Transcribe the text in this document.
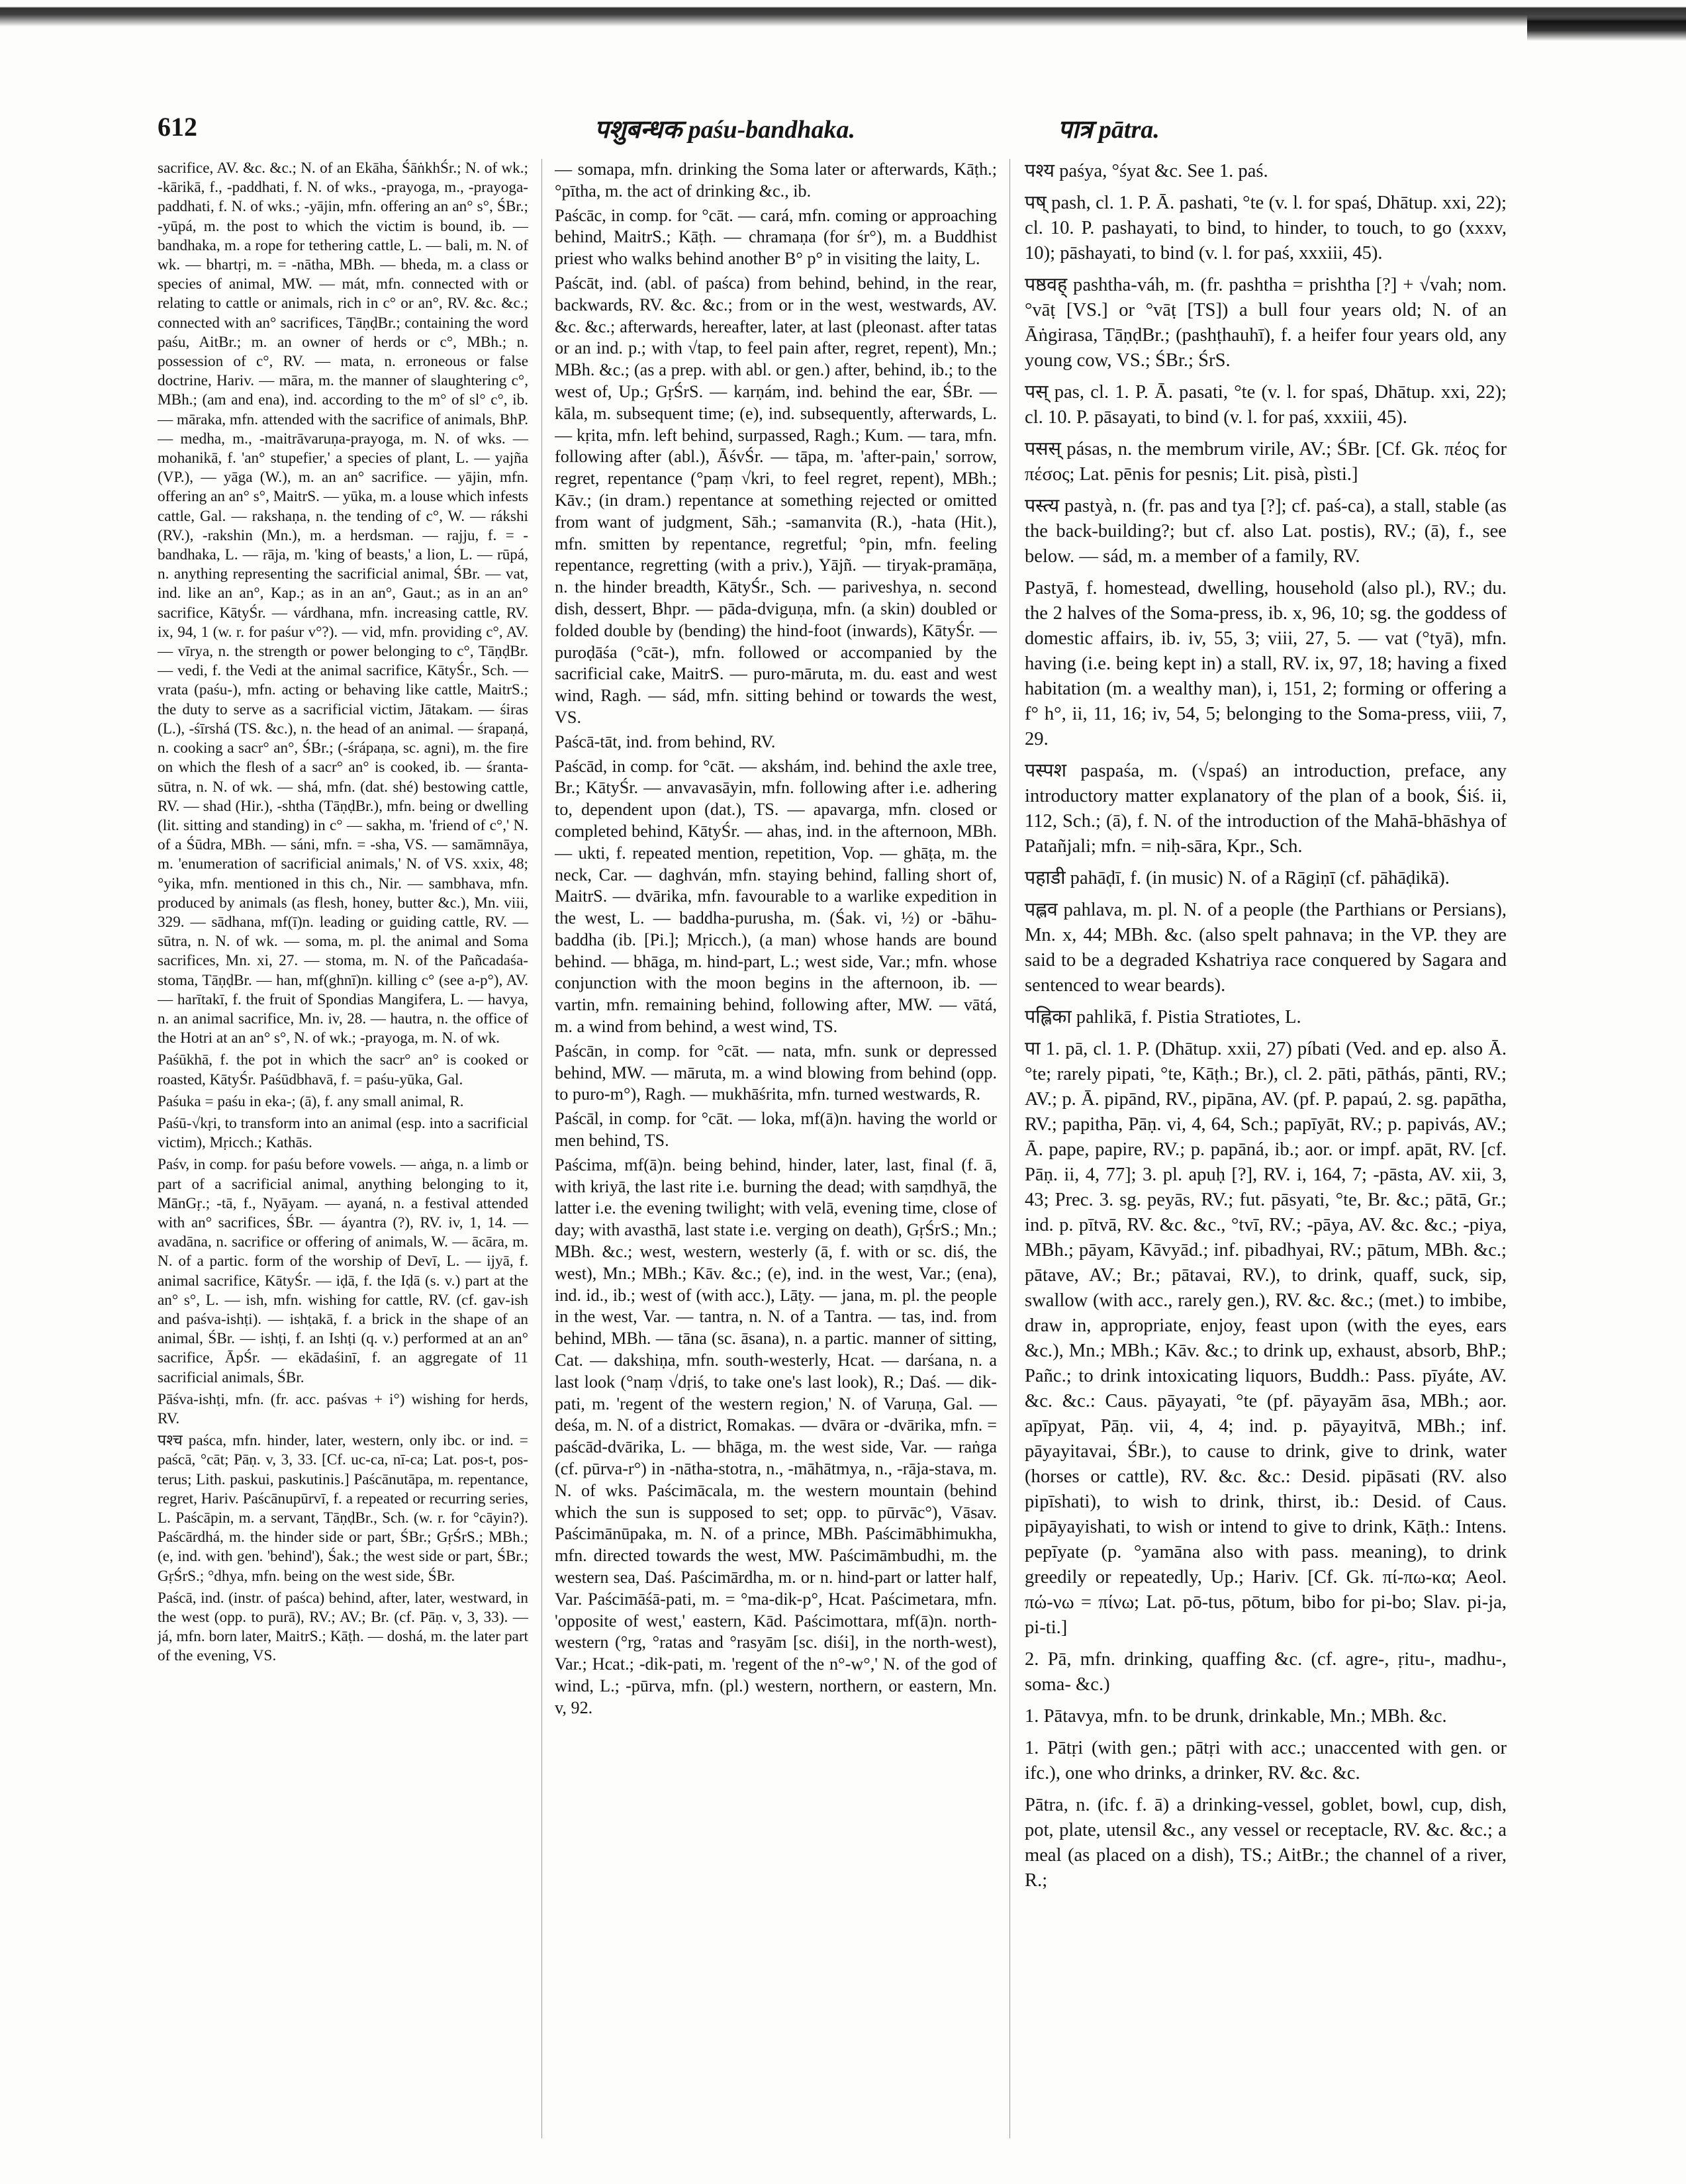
612	पशुबन्धक paśu-bandhaka.	पात्र pātra.

sacrifice, AV. &c. &c.; N. of an Ekāha, ŚāṅkhŚr.; N. of wk.; -kārikā, f., -paddhati, f. N. of wks., -prayoga, m., -prayoga-paddhati, f. N. of wks.; -yājin, mfn. offering an an° s°, ŚBr.; -yūpá, m. the post to which the victim is bound, ib. — bandhaka, m. a rope for tethering cattle, L. — bali, m. N. of wk. — bhartṛi, m. = -nātha, MBh. — bheda, m. a class or species of animal, MW. — mát, mfn. connected with or relating to cattle or animals, rich in c° or an°, RV. &c. &c.; connected with an° sacrifices, TāṇḍBr.; containing the word paśu, AitBr.; m. an owner of herds or c°, MBh.; n. possession of c°, RV. — mata, n. erroneous or false doctrine, Hariv. — māra, m. the manner of slaughtering c°, MBh.; (am and ena), ind. according to the m° of sl° c°, ib. — māraka, mfn. attended with the sacrifice of animals, BhP. — medha, m., -maitrāvaruṇa-prayoga, m. N. of wks. — mohanikā, f. 'an° stupefier,' a species of plant, L. — yajña (VP.), — yāga (W.), m. an an° sacrifice. — yājin, mfn. offering an an° s°, MaitrS. — yūka, m. a louse which infests cattle, Gal. — rakshaṇa, n. the tending of c°, W. — rákshi (RV.), -rakshin (Mn.), m. a herdsman. — rajju, f. = -bandhaka, L. — rāja, m. 'king of beasts,' a lion, L. — rūpá, n. anything representing the sacrificial animal, ŚBr. — vat, ind. like an an°, Kap.; as in an an°, Gaut.; as in an an° sacrifice, KātyŚr. — várdhana, mfn. increasing cattle, RV. ix, 94, 1 (w. r. for paśur v°?). — vid, mfn. providing c°, AV. — vīrya, n. the strength or power belonging to c°, TāṇḍBr. — vedi, f. the Vedi at the animal sacrifice, KātyŚr., Sch. — vrata (paśu-), mfn. acting or behaving like cattle, MaitrS.; the duty to serve as a sacrificial victim, Jātakam. — śiras (L.), -śīrshá (TS. &c.), n. the head of an animal. — śrapaṇá, n. cooking a sacr° an°, ŚBr.; (-śrápaṇa, sc. agni), m. the fire on which the flesh of a sacr° an° is cooked, ib. — śranta-sūtra, n. N. of wk. — shá, mfn. (dat. shé) bestowing cattle, RV. — shad (Hir.), -shtha (TāṇḍBr.), mfn. being or dwelling (lit. sitting and standing) in c° — sakha, m. 'friend of c°,' N. of a Śūdra, MBh. — sáni, mfn. = -sha, VS. — samāmnāya, m. 'enumeration of sacrificial animals,' N. of VS. xxix, 48; °yika, mfn. mentioned in this ch., Nir. — sambhava, mfn. produced by animals (as flesh, honey, butter &c.), Mn. viii, 329. — sādhana, mf(ī)n. leading or guiding cattle, RV. — sūtra, n. N. of wk. — soma, m. pl. the animal and Soma sacrifices, Mn. xi, 27. — stoma, m. N. of the Pañcadaśa-stoma, TāṇḍBr. — han, mf(ghnī)n. killing c° (see a-p°), AV. — harītakī, f. the fruit of Spondias Mangifera, L. — havya, n. an animal sacrifice, Mn. iv, 28. — hautra, n. the office of the Hotri at an an° s°, N. of wk.; -prayoga, m. N. of wk.

Paśūkhā, f. the pot in which the sacr° an° is cooked or roasted, KātyŚr. Paśūdbhavā, f. = paśu-yūka, Gal.

Paśuka = paśu in eka-; (ā), f. any small animal, R.

Paśū-√kṛi, to transform into an animal (esp. into a sacrificial victim), Mṛicch.; Kathās.

Paśv, in comp. for paśu before vowels. — aṅga, n. a limb or part of a sacrificial animal, anything belonging to it, MānGṛ.; -tā, f., Nyāyam. — ayaná, n. a festival attended with an° sacrifices, ŚBr. — áyantra (?), RV. iv, 1, 14. — avadāna, n. sacrifice or offering of animals, W. — ācāra, m. N. of a partic. form of the worship of Devī, L. — ijyā, f. animal sacrifice, KātyŚr. — iḍā, f. the Iḍā (s. v.) part at the an° s°, L. — ish, mfn. wishing for cattle, RV. (cf. gav-ish and paśva-ishṭi). — ishṭakā, f. a brick in the shape of an animal, ŚBr. — ishṭi, f. an Ishṭi (q. v.) performed at an an° sacrifice, ĀpŚr. — ekādaśinī, f. an aggregate of 11 sacrificial animals, ŚBr.

Pāśva-ishṭi, mfn. (fr. acc. paśvas + i°) wishing for herds, RV.

पश्च paśca, mfn. hinder, later, western, only ibc. or ind. = paścā, °cāt; Pāṇ. v, 3, 33. [Cf. uc-ca, nī-ca; Lat. pos-t, pos-terus; Lith. paskui, paskutinis.] Paścānutāpa, m. repentance, regret, Hariv. Paścānupūrvī, f. a repeated or recurring series, L. Paścāpin, m. a servant, TāṇḍBr., Sch. (w. r. for °cāyin?). Paścārdhá, m. the hinder side or part, ŚBr.; GṛŚrS.; MBh.; (e, ind. with gen. 'behind'), Śak.; the west side or part, ŚBr.; GṛŚrS.; °dhya, mfn. being on the west side, ŚBr.

Paścā, ind. (instr. of paśca) behind, after, later, westward, in the west (opp. to purā), RV.; AV.; Br. (cf. Pāṇ. v, 3, 33). — já, mfn. born later, MaitrS.; Kāṭh. — doshá, m. the later part of the evening, VS.

— somapa, mfn. drinking the Soma later or afterwards, Kāṭh.; °pītha, m. the act of drinking &c., ib.

Paścāc, in comp. for °cāt. — cará, mfn. coming or approaching behind, MaitrS.; Kāṭh. — chramaṇa (for śr°), m. a Buddhist priest who walks behind another B° p° in visiting the laity, L.

Paścāt, ind. (abl. of paśca) from behind, behind, in the rear, backwards, RV. &c. &c.; from or in the west, westwards, AV. &c. &c.; afterwards, hereafter, later, at last (pleonast. after tatas or an ind. p.; with √tap, to feel pain after, regret, repent), Mn.; MBh. &c.; (as a prep. with abl. or gen.) after, behind, ib.; to the west of, Up.; GṛŚrS. — karṇám, ind. behind the ear, ŚBr. — kāla, m. subsequent time; (e), ind. subsequently, afterwards, L. — kṛita, mfn. left behind, surpassed, Ragh.; Kum. — tara, mfn. following after (abl.), ĀśvŚr. — tāpa, m. 'after-pain,' sorrow, regret, repentance (°paṃ √kri, to feel regret, repent), MBh.; Kāv.; (in dram.) repentance at something rejected or omitted from want of judgment, Sāh.; -samanvita (R.), -hata (Hit.), mfn. smitten by repentance, regretful; °pin, mfn. feeling repentance, regretting (with a priv.), Yājñ. — tiryak-pramāṇa, n. the hinder breadth, KātyŚr., Sch. — pariveshya, n. second dish, dessert, Bhpr. — pāda-dviguṇa, mfn. (a skin) doubled or folded double by (bending) the hind-foot (inwards), KātyŚr. — puroḍāśa (°cāt-), mfn. followed or accompanied by the sacrificial cake, MaitrS. — puro-māruta, m. du. east and west wind, Ragh. — sád, mfn. sitting behind or towards the west, VS.

Paścā-tāt, ind. from behind, RV.

Paścād, in comp. for °cāt. — akshám, ind. behind the axle tree, Br.; KātyŚr. — anvavasāyin, mfn. following after i.e. adhering to, dependent upon (dat.), TS. — apavarga, mfn. closed or completed behind, KātyŚr. — ahas, ind. in the afternoon, MBh. — ukti, f. repeated mention, repetition, Vop. — ghāṭa, m. the neck, Car. — daghván, mfn. staying behind, falling short of, MaitrS. — dvārika, mfn. favourable to a warlike expedition in the west, L. — baddha-purusha, m. (Śak. vi, ½) or -bāhu-baddha (ib. [Pi.]; Mṛicch.), (a man) whose hands are bound behind. — bhāga, m. hind-part, L.; west side, Var.; mfn. whose conjunction with the moon begins in the afternoon, ib. — vartin, mfn. remaining behind, following after, MW. — vātá, m. a wind from behind, a west wind, TS.

Paścān, in comp. for °cāt. — nata, mfn. sunk or depressed behind, MW. — māruta, m. a wind blowing from behind (opp. to puro-m°), Ragh. — mukhāśrita, mfn. turned westwards, R.

Paścāl, in comp. for °cāt. — loka, mf(ā)n. having the world or men behind, TS.

Paścima, mf(ā)n. being behind, hinder, later, last, final (f. ā, with kriyā, the last rite i.e. burning the dead; with saṃdhyā, the latter i.e. the evening twilight; with velā, evening time, close of day; with avasthā, last state i.e. verging on death), GṛŚrS.; Mn.; MBh. &c.; west, western, westerly (ā, f. with or sc. diś, the west), Mn.; MBh.; Kāv. &c.; (e), ind. in the west, Var.; (ena), ind. id., ib.; west of (with acc.), Lāṭy. — jana, m. pl. the people in the west, Var. — tantra, n. N. of a Tantra. — tas, ind. from behind, MBh. — tāna (sc. āsana), n. a partic. manner of sitting, Cat. — dakshiṇa, mfn. south-westerly, Hcat. — darśana, n. a last look (°naṃ √dṛiś, to take one's last look), R.; Daś. — dik-pati, m. 'regent of the western region,' N. of Varuṇa, Gal. — deśa, m. N. of a district, Romakas. — dvāra or -dvārika, mfn. = paścād-dvārika, L. — bhāga, m. the west side, Var. — raṅga (cf. pūrva-r°) in -nātha-stotra, n., -māhātmya, n., -rāja-stava, m. N. of wks. Paścimācala, m. the western mountain (behind which the sun is supposed to set; opp. to pūrvāc°), Vāsav. Paścimānūpaka, m. N. of a prince, MBh. Paścimābhimukha, mfn. directed towards the west, MW. Paścimāmbudhi, m. the western sea, Daś. Paścimārdha, m. or n. hind-part or latter half, Var. Paścimāśā-pati, m. = °ma-dik-p°, Hcat. Paścimetara, mfn. 'opposite of west,' eastern, Kād. Paścimottara, mf(ā)n. north-western (°rg, °ratas and °rasyām [sc. diśi], in the north-west), Var.; Hcat.; -dik-pati, m. 'regent of the n°-w°,' N. of the god of wind, L.; -pūrva, mfn. (pl.) western, northern, or eastern, Mn. v, 92.

पश्य paśya, °śyat &c. See 1. paś.

पष् pash, cl. 1. P. Ā. pashati, °te (v. l. for spaś, Dhātup. xxi, 22); cl. 10. P. pashayati, to bind, to hinder, to touch, to go (xxxv, 10); pāshayati, to bind (v. l. for paś, xxxiii, 45).

पष्ठवह् pashtha-váh, m. (fr. pashtha = prishtha [?] + √vah; nom. °vāṭ [VS.] or °vāṭ [TS]) a bull four years old; N. of an Āṅgirasa, TāṇḍBr.; (pashṭhauhī), f. a heifer four years old, any young cow, VS.; ŚBr.; ŚrS.

पस् pas, cl. 1. P. Ā. pasati, °te (v. l. for spaś, Dhātup. xxi, 22); cl. 10. P. pāsayati, to bind (v. l. for paś, xxxiii, 45).

पसस् pásas, n. the membrum virile, AV.; ŚBr. [Cf. Gk. πέος for πέσος; Lat. pēnis for pesnis; Lit. pisà, pìsti.]

पस्त्य pastyà, n. (fr. pas and tya [?]; cf. paś-ca), a stall, stable (as the back-building?; but cf. also Lat. postis), RV.; (ā), f., see below. — sád, m. a member of a family, RV.

Pastyā, f. homestead, dwelling, household (also pl.), RV.; du. the 2 halves of the Soma-press, ib. x, 96, 10; sg. the goddess of domestic affairs, ib. iv, 55, 3; viii, 27, 5. — vat (°tyā), mfn. having (i.e. being kept in) a stall, RV. ix, 97, 18; having a fixed habitation (m. a wealthy man), i, 151, 2; forming or offering a f° h°, ii, 11, 16; iv, 54, 5; belonging to the Soma-press, viii, 7, 29.

पस्पश paspaśa, m. (√spaś) an introduction, preface, any introductory matter explanatory of the plan of a book, Śiś. ii, 112, Sch.; (ā), f. N. of the introduction of the Mahā-bhāshya of Patañjali; mfn. = niḥ-sāra, Kpr., Sch.

पहाडी pahāḍī, f. (in music) N. of a Rāgiṇī (cf. pāhāḍikā).

पह्लव pahlava, m. pl. N. of a people (the Parthians or Persians), Mn. x, 44; MBh. &c. (also spelt pahnava; in the VP. they are said to be a degraded Kshatriya race conquered by Sagara and sentenced to wear beards).

पह्लिका pahlikā, f. Pistia Stratiotes, L.

पा 1. pā, cl. 1. P. (Dhātup. xxii, 27) píbati (Ved. and ep. also Ā. °te; rarely pipati, °te, Kāṭh.; Br.), cl. 2. pāti, pāthás, pānti, RV.; AV.; p. Ā. pipānd, RV., pipāna, AV. (pf. P. papaú, 2. sg. papātha, RV.; papitha, Pāṇ. vi, 4, 64, Sch.; papīyāt, RV.; p. papivás, AV.; Ā. pape, papire, RV.; p. papāná, ib.; aor. or impf. apāt, RV. [cf. Pāṇ. ii, 4, 77]; 3. pl. apuḥ [?], RV. i, 164, 7; -pāsta, AV. xii, 3, 43; Prec. 3. sg. peyās, RV.; fut. pāsyati, °te, Br. &c.; pātā, Gr.; ind. p. pītvā, RV. &c. &c., °tvī, RV.; -pāya, AV. &c. &c.; -piya, MBh.; pāyam, Kāvyād.; inf. pibadhyai, RV.; pātum, MBh. &c.; pātave, AV.; Br.; pātavai, RV.), to drink, quaff, suck, sip, swallow (with acc., rarely gen.), RV. &c. &c.; (met.) to imbibe, draw in, appropriate, enjoy, feast upon (with the eyes, ears &c.), Mn.; MBh.; Kāv. &c.; to drink up, exhaust, absorb, BhP.; Pañc.; to drink intoxicating liquors, Buddh.: Pass. pīyáte, AV. &c. &c.: Caus. pāyayati, °te (pf. pāyayām āsa, MBh.; aor. apīpyat, Pāṇ. vii, 4, 4; ind. p. pāyayitvā, MBh.; inf. pāyayitavai, ŚBr.), to cause to drink, give to drink, water (horses or cattle), RV. &c. &c.: Desid. pipāsati (RV. also pipīshati), to wish to drink, thirst, ib.: Desid. of Caus. pipāyayishati, to wish or intend to give to drink, Kāṭh.: Intens. pepīyate (p. °yamāna also with pass. meaning), to drink greedily or repeatedly, Up.; Hariv. [Cf. Gk. πί-πω-κα; Aeol. πώ-νω = πίνω; Lat. pō-tus, pōtum, bibo for pi-bo; Slav. pi-ja, pi-ti.]

2. Pā, mfn. drinking, quaffing &c. (cf. agre-, ṛitu-, madhu-, soma- &c.)

1. Pātavya, mfn. to be drunk, drinkable, Mn.; MBh. &c.

1. Pātṛi (with gen.; pātṛi with acc.; unaccented with gen. or ifc.), one who drinks, a drinker, RV. &c. &c.

Pātra, n. (ifc. f. ā) a drinking-vessel, goblet, bowl, cup, dish, pot, plate, utensil &c., any vessel or receptacle, RV. &c. &c.; a meal (as placed on a dish), TS.; AitBr.; the channel of a river, R.;
